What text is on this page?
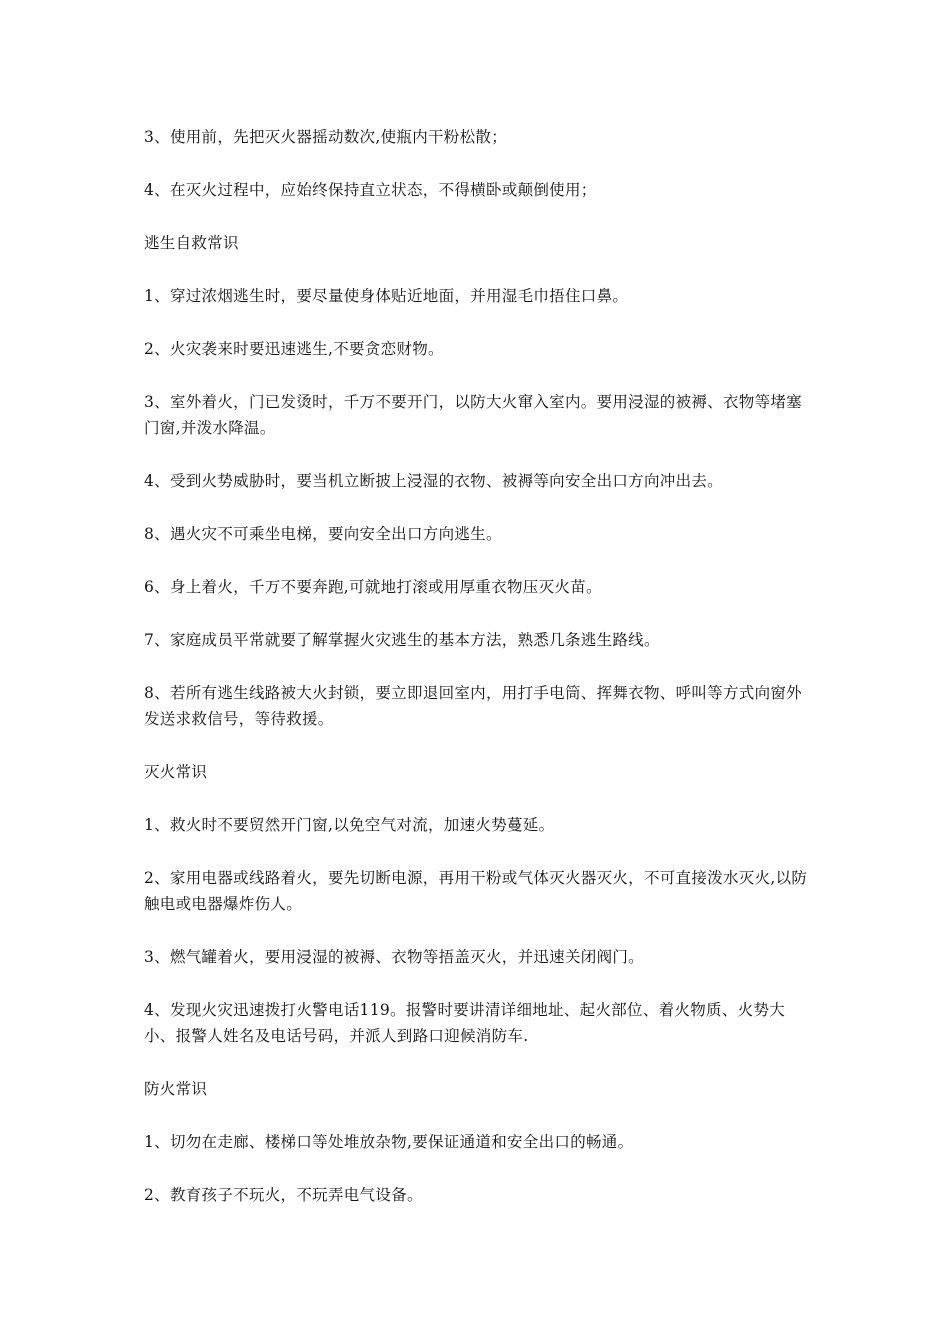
3、使用前，先把灭火器摇动数次,使瓶内干粉松散；

4、在灭火过程中，应始终保持直立状态，不得横卧或颠倒使用；

逃生自救常识

1、穿过浓烟逃生时，要尽量使身体贴近地面，并用湿毛巾捂住口鼻。

2、火灾袭来时要迅速逃生,不要贪恋财物。

3、室外着火，门已发烫时，千万不要开门，以防大火窜入室内。要用浸湿的被褥、衣物等堵塞门窗,并泼水降温。

4、受到火势威胁时，要当机立断披上浸湿的衣物、被褥等向安全出口方向冲出去。

8、遇火灾不可乘坐电梯，要向安全出口方向逃生。

6、身上着火，千万不要奔跑,可就地打滚或用厚重衣物压灭火苗。

7、家庭成员平常就要了解掌握火灾逃生的基本方法，熟悉几条逃生路线。

8、若所有逃生线路被大火封锁，要立即退回室内，用打手电筒、挥舞衣物、呼叫等方式向窗外发送求救信号，等待救援。

灭火常识

1、救火时不要贸然开门窗,以免空气对流，加速火势蔓延。

2、家用电器或线路着火，要先切断电源，再用干粉或气体灭火器灭火，不可直接泼水灭火,以防触电或电器爆炸伤人。

3、燃气罐着火，要用浸湿的被褥、衣物等捂盖灭火，并迅速关闭阀门。

4、发现火灾迅速拨打火警电话119。报警时要讲清详细地址、起火部位、着火物质、火势大小、报警人姓名及电话号码，并派人到路口迎候消防车.

防火常识

1、切勿在走廊、楼梯口等处堆放杂物,要保证通道和安全出口的畅通。

2、教育孩子不玩火，不玩弄电气设备。
